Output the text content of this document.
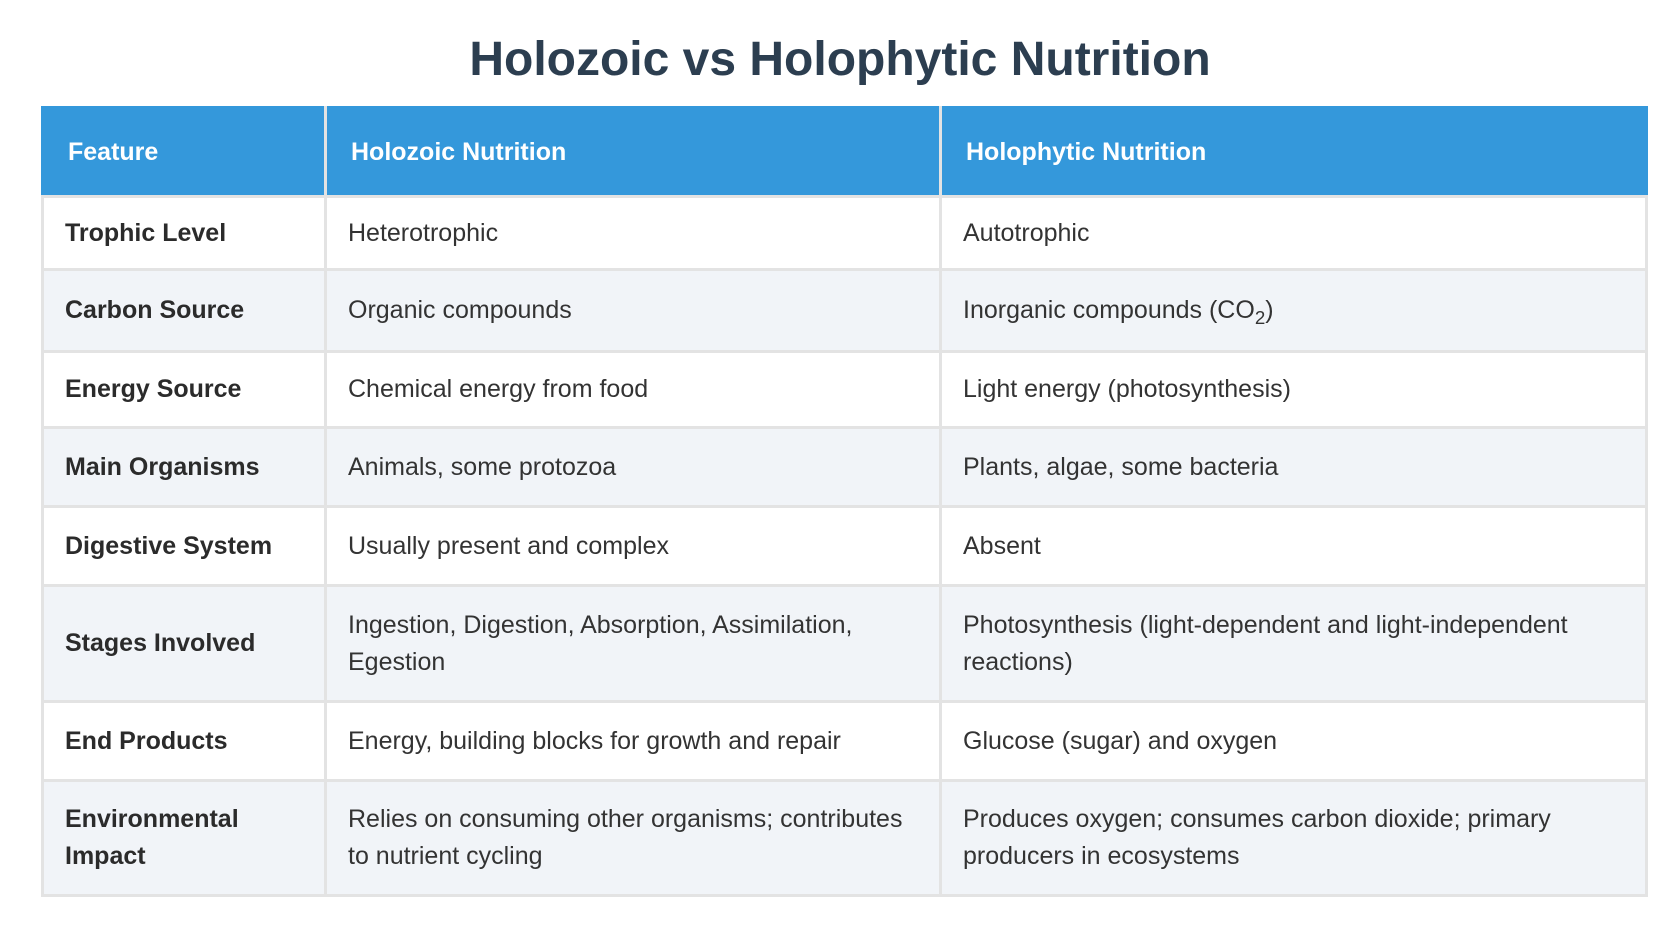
Holozoic vs Holophytic Nutrition
Feature	Holozoic Nutrition	Holophytic Nutrition
Trophic Level	Heterotrophic	Autotrophic
Carbon Source	Organic compounds	Inorganic compounds $(CO_2)$
Energy Source	Chemical energy from food	Light energy (photosynthesis)
Main Organisms	Animals, some protozoa	Plants, algae, some bacteria
Digestive System	Usually present and complex	Absent
Stages Involved	Ingestion, Digestion, Absorption, Assimilation, Egestion	Photosynthesis (light-dependent and light-independent reactions)
End Products	Energy, building blocks for growth and repair	Glucose (sugar) and oxygen
Environmental Impact	Relies on consuming other organisms; contributes to nutrient cycling	Produces oxygen; consumes carbon dioxide; primary producers in ecosystems
